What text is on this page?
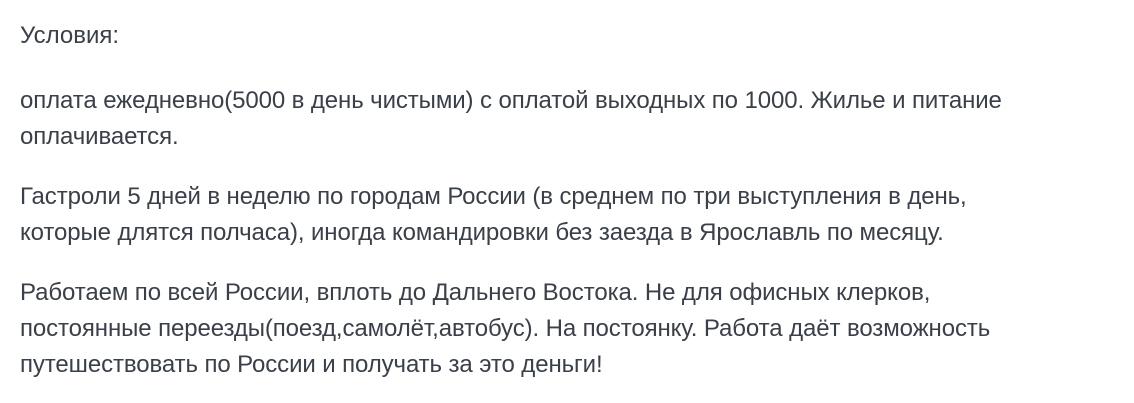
Условия:
оплата ежедневно(5000 в день чистыми) с оплатой выходных по 1000. Жилье и питание
оплачивается.
Гастроли 5 дней в неделю по городам России (в среднем по три выступления в день,
которые длятся полчаса), иногда командировки без заезда в Ярославль по месяцу.
Работаем по всей России, вплоть до Дальнего Востока. Не для офисных клерков,
постоянные переезды(поезд,самолёт,автобус). На постоянку. Работа даёт возможность
путешествовать по России и получать за это деньги!
